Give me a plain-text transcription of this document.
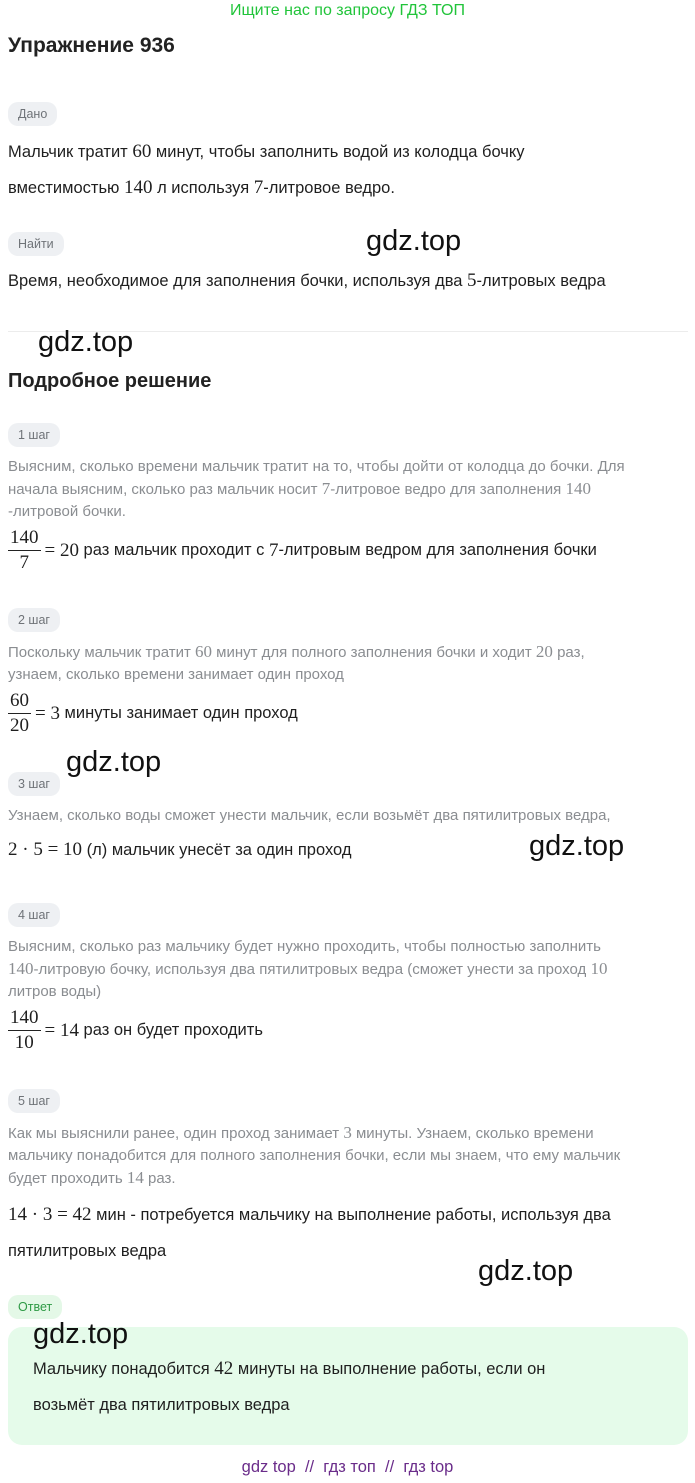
Ищите нас по запросу ГДЗ ТОП
Упражнение 936
Дано
Мальчик тратит 60 минут, чтобы заполнить водой из колодца бочку
вместимостью 140 л используя 7-литровое ведро.
Найти
Время, необходимое для заполнения бочки, используя два 5-литровых ведра
Подробное решение
1 шаг
Выясним, сколько времени мальчик тратит на то, чтобы дойти от колодца до бочки. Для
начала выясним, сколько раз мальчик носит 7-литровое ведро для заполнения 140
-литровой бочки.
$\frac{140}{7} = 20$ раз мальчик проходит с 7 -литровым ведром для заполнения бочки
2 шаг
Поскольку мальчик тратит 60 минут для полного заполнения бочки и ходит 20 раз,
узнаем, сколько времени занимает один проход
$\frac{60}{20} = 3$ минуты занимает один проход
3 шаг
Узнаем, сколько воды сможет унести мальчик, если возьмёт два пятилитровых ведра,
2 · 5 = 10 (л) мальчик унесёт за один проход
4 шаг
Выясним, сколько раз мальчику будет нужно проходить, чтобы полностью заполнить
140-литровую бочку, используя два пятилитровых ведра (сможет унести за проход 10
литров воды)
$\frac{140}{10} = 14$ раз он будет проходить
5 шаг
Как мы выяснили ранее, один проход занимает 3 минуты. Узнаем, сколько времени
мальчику понадобится для полного заполнения бочки, если мы знаем, что ему мальчик
будет проходить 14 раз.
14 · 3 = 42 мин - потребуется мальчику на выполнение работы, используя два
пятилитровых ведра
Ответ
Мальчику понадобится 42 минуты на выполнение работы, если он
возьмёт два пятилитровых ведра
gdz.top
gdz.top
gdz.top
gdz.top
gdz.top
gdz.top
gdz top  //  гдз топ  //  гдз top
